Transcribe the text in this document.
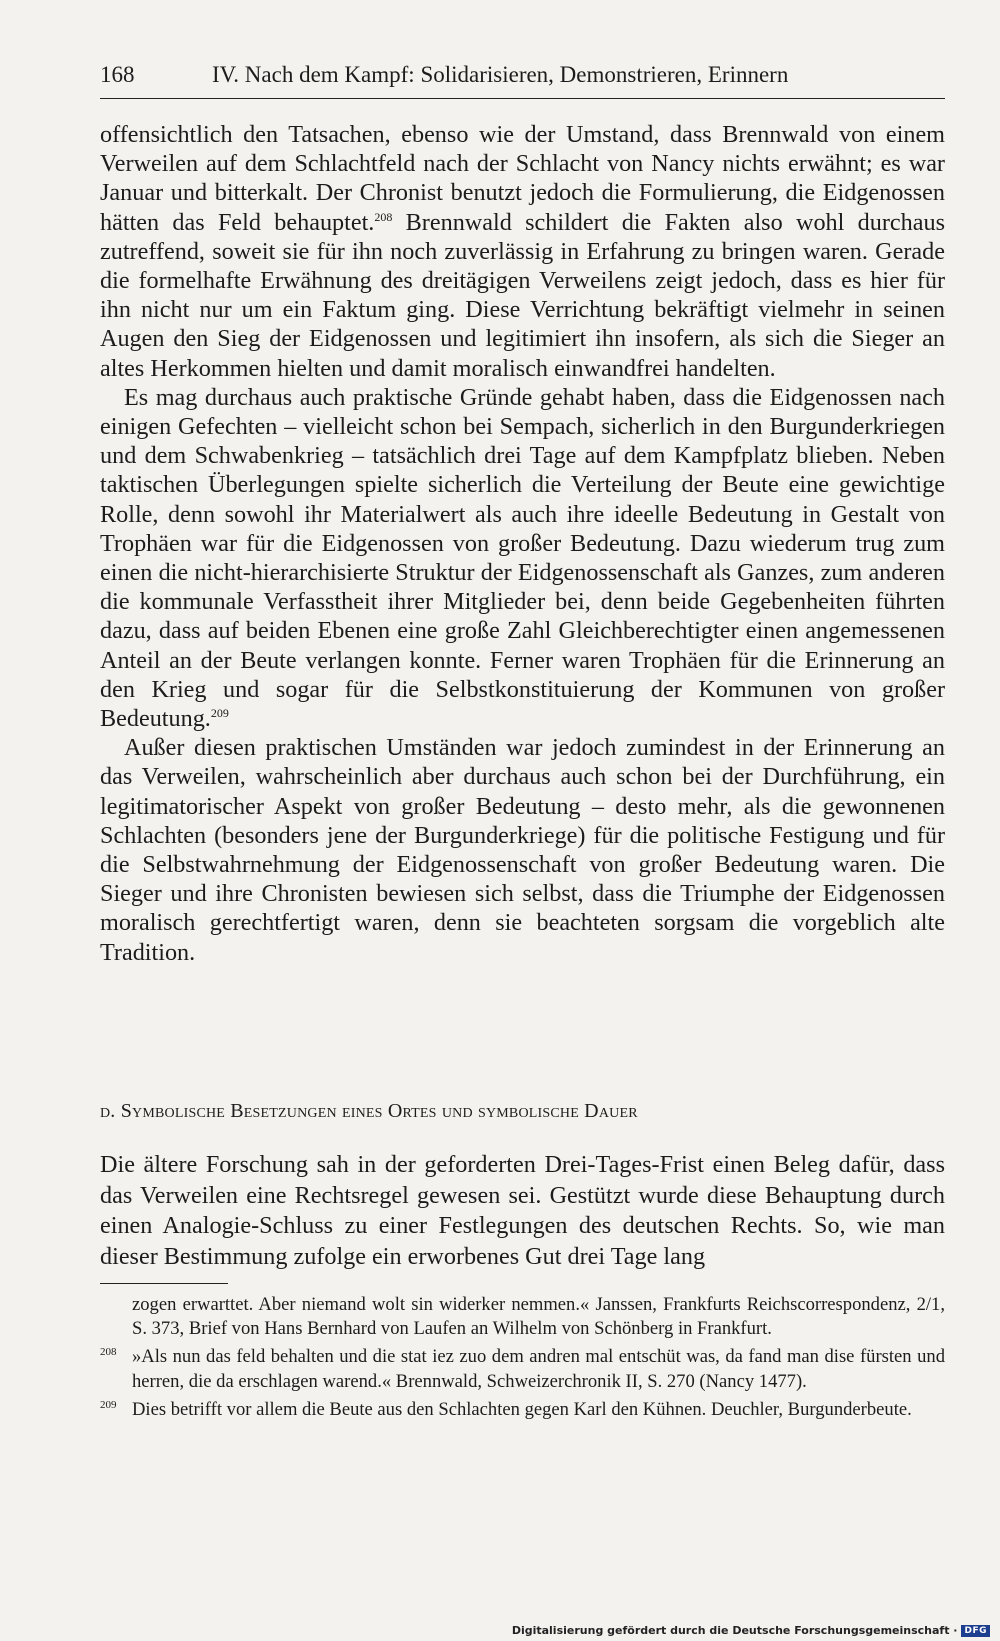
168	IV. Nach dem Kampf: Solidarisieren, Demonstrieren, Erinnern

offensichtlich den Tatsachen, ebenso wie der Umstand, dass Brennwald von einem Verweilen auf dem Schlachtfeld nach der Schlacht von Nancy nichts erwähnt; es war Januar und bitterkalt. Der Chronist benutzt jedoch die Formulierung, die Eidgenossen hätten das Feld behauptet.$^{208}$ Brennwald schildert die Fakten also wohl durchaus zutreffend, soweit sie für ihn noch zuverlässig in Erfahrung zu bringen waren. Gerade die formelhafte Erwähnung des dreitägigen Verweilens zeigt jedoch, dass es hier für ihn nicht nur um ein Faktum ging. Diese Verrichtung bekräftigt vielmehr in seinen Augen den Sieg der Eidgenossen und legitimiert ihn insofern, als sich die Sieger an altes Herkommen hielten und damit moralisch einwandfrei handelten.

Es mag durchaus auch praktische Gründe gehabt haben, dass die Eidgenossen nach einigen Gefechten – vielleicht schon bei Sempach, sicherlich in den Burgunderkriegen und dem Schwabenkrieg – tatsächlich drei Tage auf dem Kampfplatz blieben. Neben taktischen Überlegungen spielte sicherlich die Verteilung der Beute eine gewichtige Rolle, denn sowohl ihr Materialwert als auch ihre ideelle Bedeutung in Gestalt von Trophäen war für die Eidgenossen von großer Bedeutung. Dazu wiederum trug zum einen die nicht-hierarchisierte Struktur der Eidgenossenschaft als Ganzes, zum anderen die kommunale Verfasstheit ihrer Mitglieder bei, denn beide Gegebenheiten führten dazu, dass auf beiden Ebenen eine große Zahl Gleichberechtigter einen angemessenen Anteil an der Beute verlangen konnte. Ferner waren Trophäen für die Erinnerung an den Krieg und sogar für die Selbstkonstituierung der Kommunen von großer Bedeutung.$^{209}$

Außer diesen praktischen Umständen war jedoch zumindest in der Erinnerung an das Verweilen, wahrscheinlich aber durchaus auch schon bei der Durchführung, ein legitimatorischer Aspekt von großer Bedeutung – desto mehr, als die gewonnenen Schlachten (besonders jene der Burgunderkriege) für die politische Festigung und für die Selbstwahrnehmung der Eidgenossenschaft von großer Bedeutung waren. Die Sieger und ihre Chronisten bewiesen sich selbst, dass die Triumphe der Eidgenossen moralisch gerechtfertigt waren, denn sie beachteten sorgsam die vorgeblich alte Tradition.

d. Symbolische Besetzungen eines Ortes und symbolische Dauer

Die ältere Forschung sah in der geforderten Drei-Tages-Frist einen Beleg dafür, dass das Verweilen eine Rechtsregel gewesen sei. Gestützt wurde diese Behauptung durch einen Analogie-Schluss zu einer Festlegungen des deutschen Rechts. So, wie man dieser Bestimmung zufolge ein erworbenes Gut drei Tage lang

zogen erwarttet. Aber niemand wolt sin widerker nemmen.« Janssen, Frankfurts Reichscorrespondenz, 2/1, S. 373, Brief von Hans Bernhard von Laufen an Wilhelm von Schönberg in Frankfurt.
208 »Als nun das feld behalten und die stat iez zuo dem andren mal entschüt was, da fand man dise fürsten und herren, die da erschlagen warend.« Brennwald, Schweizerchronik II, S. 270 (Nancy 1477).
209 Dies betrifft vor allem die Beute aus den Schlachten gegen Karl den Kühnen. Deuchler, Burgunderbeute.
Digitalisierung gefördert durch die Deutsche Forschungsgemeinschaft · DFG
